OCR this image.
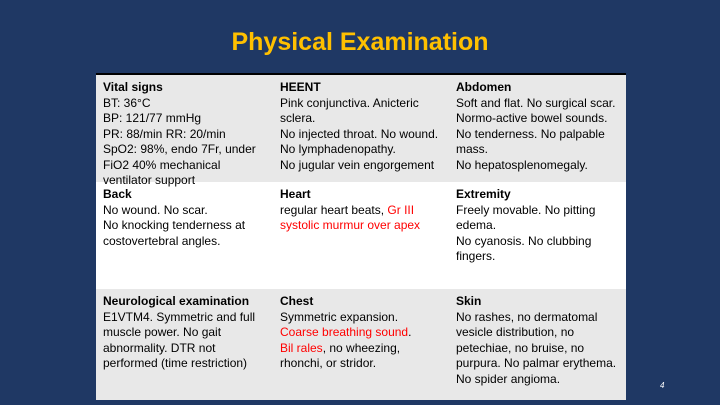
Physical Examination
Vital signs
BT: 36°C
BP: 121/77 mmHg
PR: 88/min RR: 20/min
SpO2: 98%, endo 7Fr, under
FiO2 40% mechanical
ventilator support
HEENT
Pink conjunctiva. Anicteric
sclera.
No injected throat. No wound.
No lymphadenopathy.
No jugular vein engorgement
Abdomen
Soft and flat. No surgical scar.
Normo-active bowel sounds.
No tenderness. No palpable
mass.
No hepatosplenomegaly.
Back
No wound. No scar.
No knocking tenderness at
costovertebral angles.
Heart
regular heart beats, Gr III
systolic murmur over apex
Extremity
Freely movable. No pitting
edema.
No cyanosis. No clubbing
fingers.
Neurological examination
E1VTM4. Symmetric and full
muscle power. No gait
abnormality. DTR not
performed (time restriction)
Chest
Symmetric expansion.
Coarse breathing sound.
Bil rales, no wheezing,
rhonchi, or stridor.
Skin
No rashes, no dermatomal
vesicle distribution, no
petechiae, no bruise, no
purpura. No palmar erythema.
No spider angioma.	4
